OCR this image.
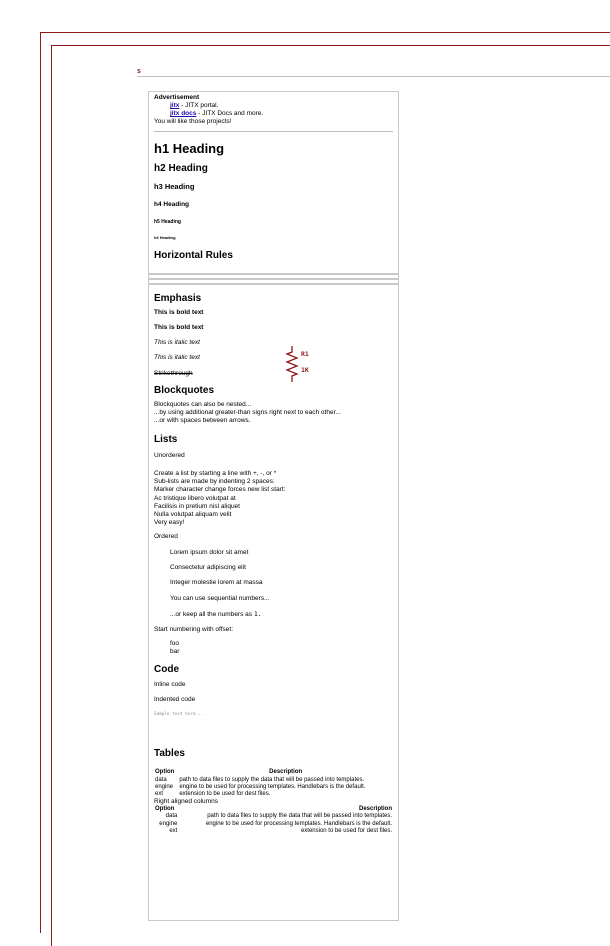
s

Advertisement

jitx - JITX portal.

jitx docs - JITX Docs and more.

You will like those projects!

h1 Heading
h2 Heading
h3 Heading
h4 Heading
h5 Heading
h6 Heading
Horizontal Rules
Emphasis

This is bold text

This is bold text

This is italic text

This is italic text

Strikethrough

Blockquotes

Blockquotes can also be nested...

...by using additional greater-than signs right next to each other...

...or with spaces between arrows.

Lists

Unordered

Create a list by starting a line with +, -, or *

Sub-lists are made by indenting 2 spaces:

Marker character change forces new list start:

Ac tristique libero volutpat at

Facilisis in pretium nisl aliquet

Nulla volutpat aliquam velit

Very easy!

Ordered

Lorem ipsum dolor sit amet

Consectetur adipiscing elit

Integer molestie lorem at massa

You can use sequential numbers...

...or keep all the numbers as 1.

Start numbering with offset:

foo

bar

Code

Inline code

Indented code

Sample text here...

Tables
Option	Description
data	path to data files to supply the data that will be passed into templates.
engine	engine to be used for processing templates. Handlebars is the default.
ext	extension to be used for dest files.

Right aligned columns

Option	Description
data	path to data files to supply the data that will be passed into templates.
engine	engine to be used for processing templates. Handlebars is the default.
ext	extension to be used for dest files.
R1
1K
